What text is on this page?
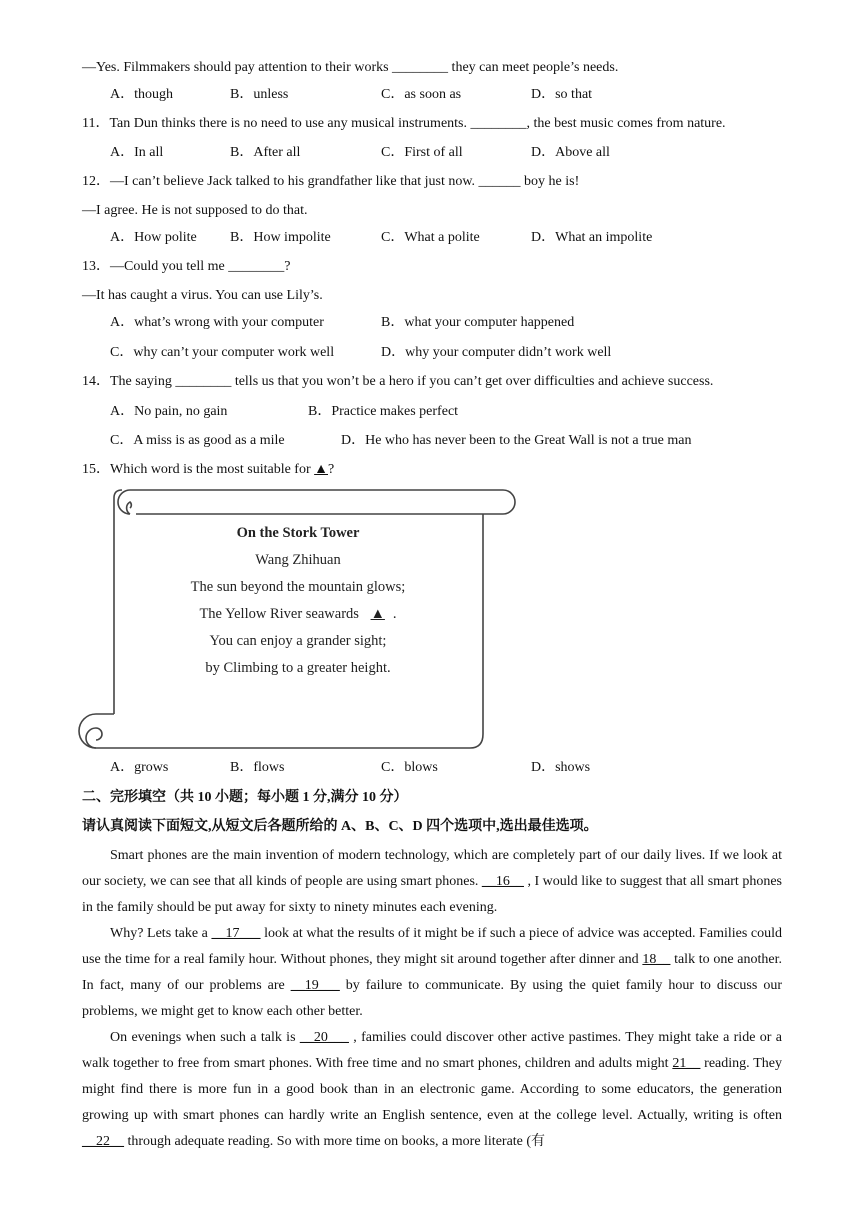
—Yes. Filmmakers should pay attention to their works ________ they can meet people’s needs.
A．though	B．unless	C．as soon as	D．so that
11．Tan Dun thinks there is no need to use any musical instruments. ________, the best music comes from nature.
A．In all	B．After all	C．First of all	D．Above all
12．—I can’t believe Jack talked to his grandfather like that just now. ______ boy he is!
—I agree. He is not supposed to do that.
A．How polite B．How impolite	C．What a polite	D．What an impolite
13．—Could you tell me ________?
—It has caught a virus. You can use Lily’s.
A．what’s wrong with your computer	B．what your computer happened
C．why can’t your computer work well	D．why your computer didn’t work well
14．The saying ________ tells us that you won’t be a hero if you can’t get over difficulties and achieve success.
A．No pain, no gain	B．Practice makes perfect
C．A miss is as good as a mile	D．He who has never been to the Great Wall is not a true man
15．Which word is the most suitable for ▲?
On the Stork Tower
Wang Zhihuan
The sun beyond the mountain glows;
The Yellow River seawards ▲ .
You can enjoy a grander sight;
by Climbing to a greater height.
A．grows	B．flows	C．blows	D．shows
二、完形填空（共 10 小题；每小题 1 分,满分 10 分）
请认真阅读下面短文,从短文后各题所给的 A、B、C、D 四个选项中,选出最佳选项。
Smart phones are the main invention of modern technology, which are completely part of our daily lives. If we look at our society, we can see that all kinds of people are using smart phones. __16__ , I would like to suggest that all smart phones in the family should be put away for sixty to ninety minutes each evening.
Why? Lets take a __17___ look at what the results of it might be if such a piece of advice was accepted. Families could use the time for a real family hour. Without phones, they might sit around together after dinner and 18__ talk to one another. In fact, many of our problems are __19___ by failure to communicate. By using the quiet family hour to discuss our problems, we might get to know each other better.
On evenings when such a talk is __20___ , families could discover other active pastimes. They might take a ride or a walk together to free from smart phones. With free time and no smart phones, children and adults might 21__ reading. They might find there is more fun in a good book than in an electronic game. According to some educators, the generation growing up with smart phones can hardly write an English sentence, even at the college level. Actually, writing is often __22__ through adequate reading. So with more time on books, a more literate (有
